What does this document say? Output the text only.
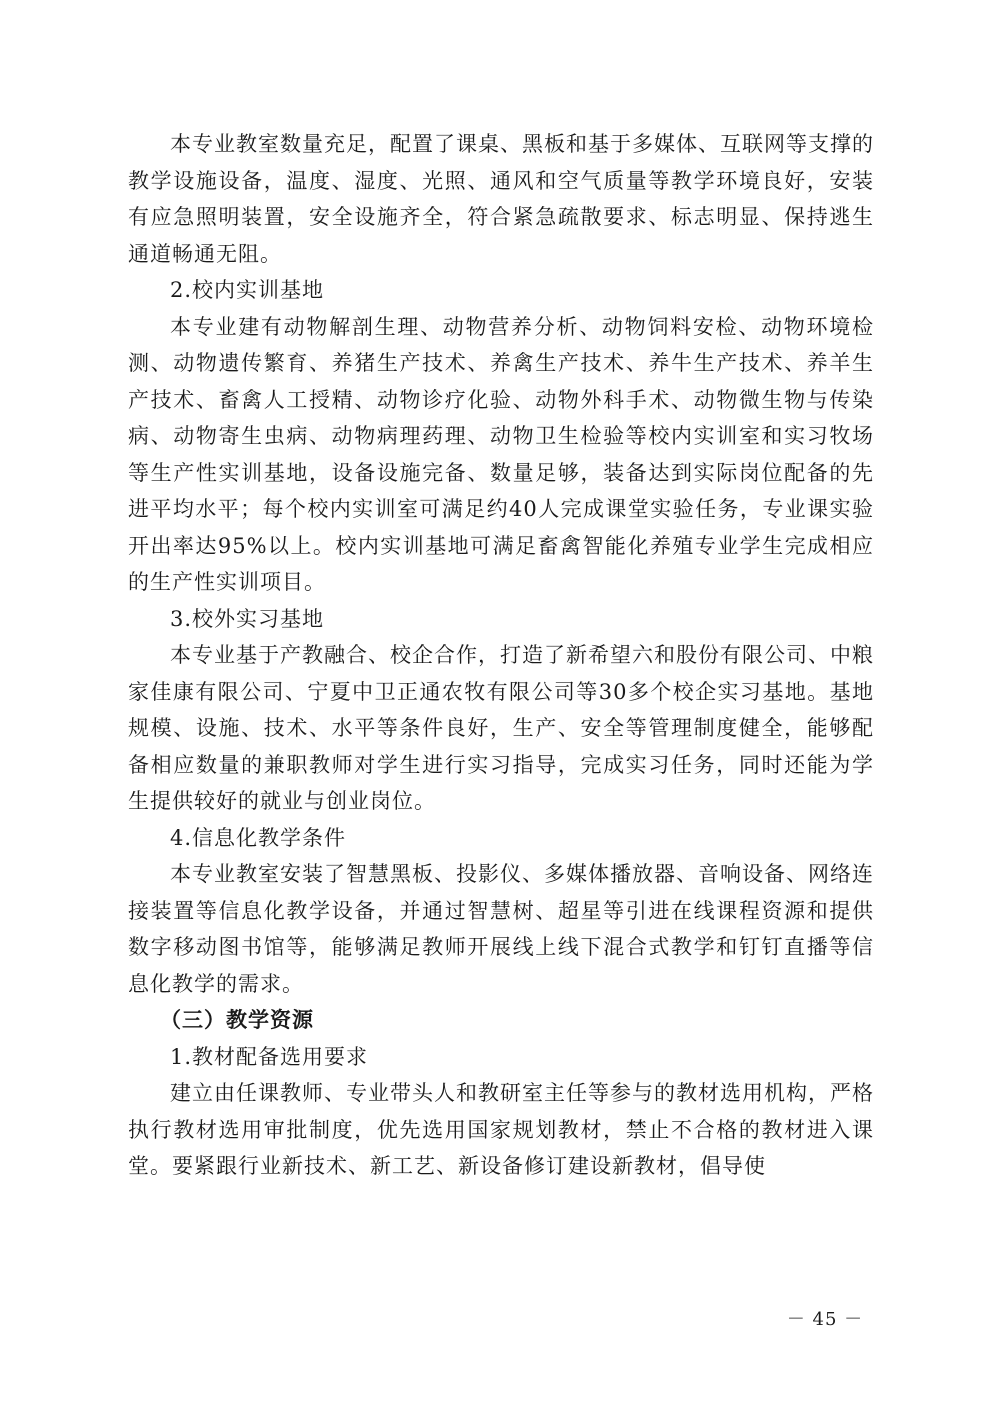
本专业教室数量充足，配置了课桌、黑板和基于多媒体、互联网等支撑的教学设施设备，温度、湿度、光照、通风和空气质量等教学环境良好，安装有应急照明装置，安全设施齐全，符合紧急疏散要求、标志明显、保持逃生通道畅通无阻。

2.校内实训基地

本专业建有动物解剖生理、动物营养分析、动物饲料安检、动物环境检测、动物遗传繁育、养猪生产技术、养禽生产技术、养牛生产技术、养羊生产技术、畜禽人工授精、动物诊疗化验、动物外科手术、动物微生物与传染病、动物寄生虫病、动物病理药理、动物卫生检验等校内实训室和实习牧场等生产性实训基地，设备设施完备、数量足够，装备达到实际岗位配备的先进平均水平；每个校内实训室可满足约40人完成课堂实验任务，专业课实验开出率达95%以上。校内实训基地可满足畜禽智能化养殖专业学生完成相应的生产性实训项目。

3.校外实习基地

本专业基于产教融合、校企合作，打造了新希望六和股份有限公司、中粮家佳康有限公司、宁夏中卫正通农牧有限公司等30多个校企实习基地。基地规模、设施、技术、水平等条件良好，生产、安全等管理制度健全，能够配备相应数量的兼职教师对学生进行实习指导，完成实习任务，同时还能为学生提供较好的就业与创业岗位。

4.信息化教学条件

本专业教室安装了智慧黑板、投影仪、多媒体播放器、音响设备、网络连接装置等信息化教学设备，并通过智慧树、超星等引进在线课程资源和提供数字移动图书馆等，能够满足教师开展线上线下混合式教学和钉钉直播等信息化教学的需求。

（三）教学资源

1.教材配备选用要求

建立由任课教师、专业带头人和教研室主任等参与的教材选用机构，严格执行教材选用审批制度，优先选用国家规划教材，禁止不合格的教材进入课堂。要紧跟行业新技术、新工艺、新设备修订建设新教材，倡导使

－ 45 －
